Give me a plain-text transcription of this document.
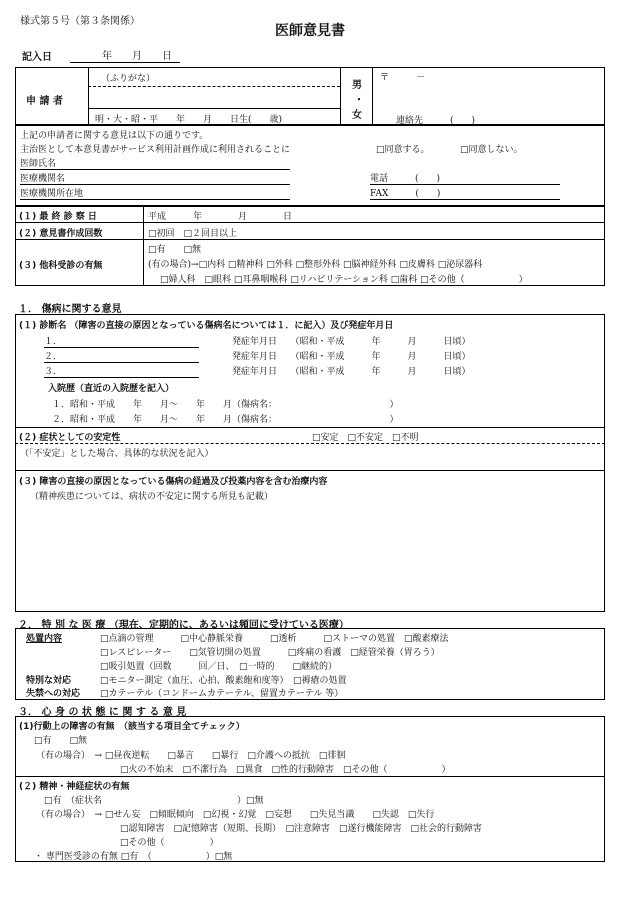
様式第５号（第３条関係）
医師意見書
記入日	年　　月　　日
申 請 者
（ふりがな）
明・大・昭・平　　年　　月　　日生(　　歳)
男
・
女
〒　　　－
連絡先　　　(　　)
上記の申請者に関する意見は以下の通りです。
主治医として本意見書がサービス利用計画作成に利用されることに	□同意する。	□同意しない。
医師氏名
医療機関名
医療機関所在地
電話　　　(　　)
FAX　　　(　　)
(１) 最 終 診 察 日	平成　　　年　　　　月　　　　日
(２) 意見書作成回数	□初回　□２回目以上
(３) 他科受診の有無
□有　　□無
(有の場合)→□内科 □精神科 □外科 □整形外科 □脳神経外科 □皮膚科 □泌尿器科
□婦人科　□眼科 □耳鼻咽喉科 □リハビリテーション科 □歯科 □その他（　　　　　　）
１． 傷病に関する意見
(１) 診断名 （障害の直接の原因となっている傷病名については１．に記入）及び発症年月日
１．	発症年月日　　（昭和・平成　　　年　　　月　　　日頃）
２．	発症年月日　　（昭和・平成　　　年　　　月　　　日頃）
３．	発症年月日　　（昭和・平成　　　年　　　月　　　日頃）
入院歴（直近の入院歴を記入）
１．昭和・平成　　年　　月～　　年　　月（傷病名：　　　　　　　　　　　　　）
２．昭和・平成　　年　　月～　　年　　月（傷病名：　　　　　　　　　　　　　）
(２) 症状としての安定性	□安定　□不安定　□不明
（「不安定」とした場合、具体的な状況を記入）
(３) 障害の直接の原因となっている傷病の経過及び投薬内容を含む治療内容
（精神疾患については、病状の不安定に関する所見も記載）
２． 特 別 な 医 療 （現在、定期的に、あるいは頻回に受けている医療）
処置内容	□点滴の管理　　　□中心静脈栄養　　　□透析　　　□ストーマの処置　□酸素療法
□レスピレーター　　□気管切開の処置　　　□疼痛の看護　□経管栄養（胃ろう）
□吸引処置（回数　　　回／日、　□一時的　　□継続的）
特別な対応	□モニター測定（血圧、心拍、酸素飽和度等）　□褥瘡の処置
失禁への対応 □カテーテル（コンドームカテーテル、留置カテーテル 等）
３． 心 身 の 状 態 に 関 す る 意 見
(1)行動上の障害の有無　（該当する項目全てチェック）
□有　　□無
（有の場合）　→ □昼夜逆転　　□暴言　　□暴行　□介護への抵抗　□徘徊
□火の不始末　□不潔行為　□異食　□性的行動障害　□その他（　　　　　　）
(２) 精神・神経症状の有無
□有　（症状名　　　　　　　　　　　　　　　）□無
（有の場合）　→ □せん妄　□傾眠傾向　□幻視・幻覚　□妄想　　□失見当識　　□失認　□失行
□認知障害　□記憶障害（短期、長期）　□注意障害　□遂行機能障害　□社会的行動障害
□その他（　　　　　）
・ 専門医受診の有無 □有　（　　　　　　）□無
